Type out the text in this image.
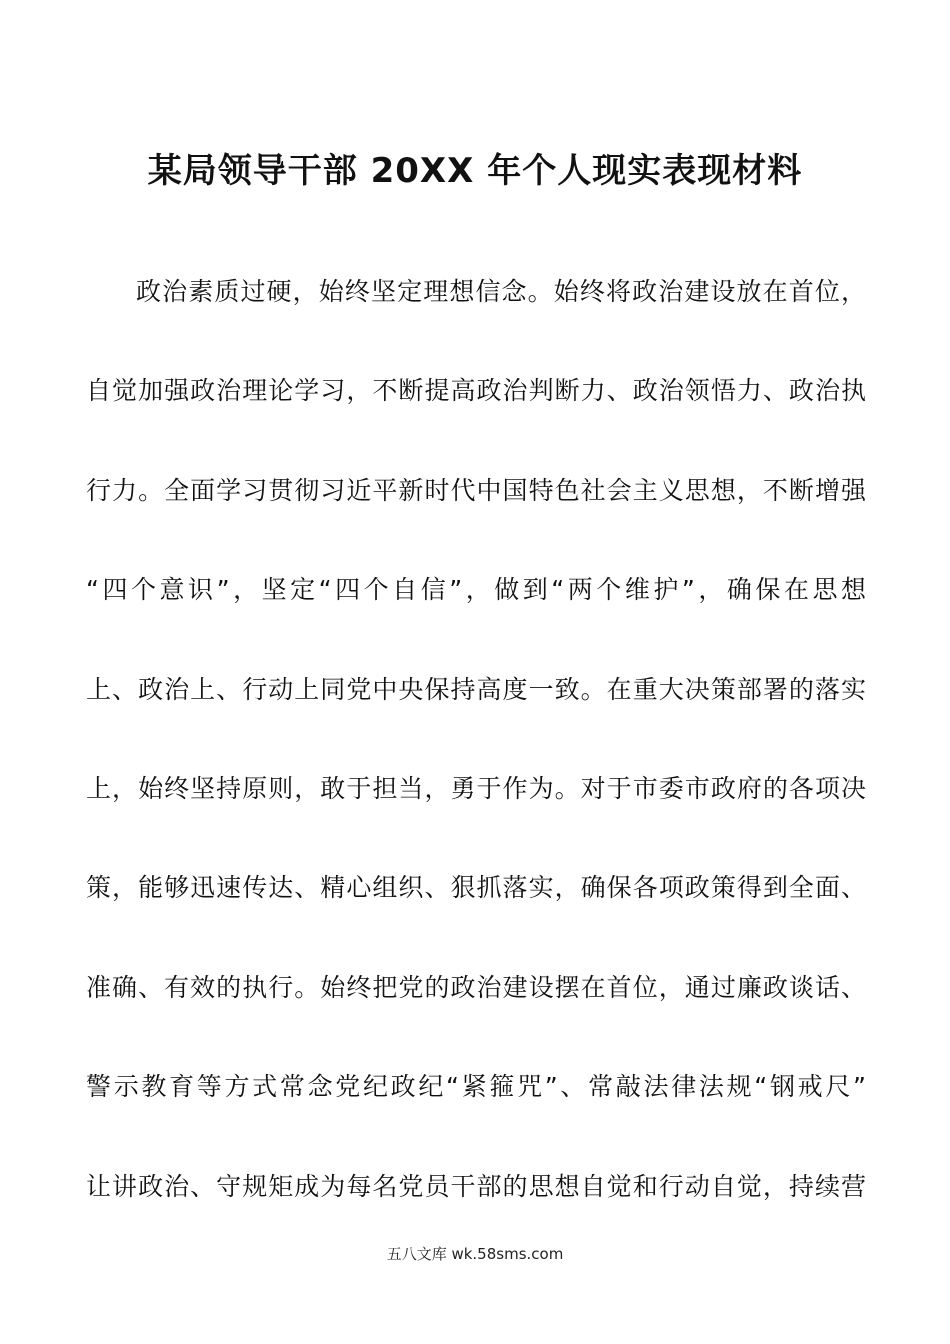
某局领导干部 20XX 年个人现实表现材料
政治素质过硬，始终坚定理想信念。始终将政治建设放在首位，
自觉加强政治理论学习，不断提高政治判断力、政治领悟力、政治执
行力。全面学习贯彻习近平新时代中国特色社会主义思想，不断增强
“四个意识”，坚定“四个自信”，做到“两个维护”，确保在思想
上、政治上、行动上同党中央保持高度一致。在重大决策部署的落实
上，始终坚持原则，敢于担当，勇于作为。对于市委市政府的各项决
策，能够迅速传达、精心组织、狠抓落实，确保各项政策得到全面、
准确、有效的执行。始终把党的政治建设摆在首位，通过廉政谈话、
警示教育等方式常念党纪政纪“紧箍咒”、常敲法律法规“钢戒尺”
让讲政治、守规矩成为每名党员干部的思想自觉和行动自觉，持续营
五八文库 wk.58sms.com
